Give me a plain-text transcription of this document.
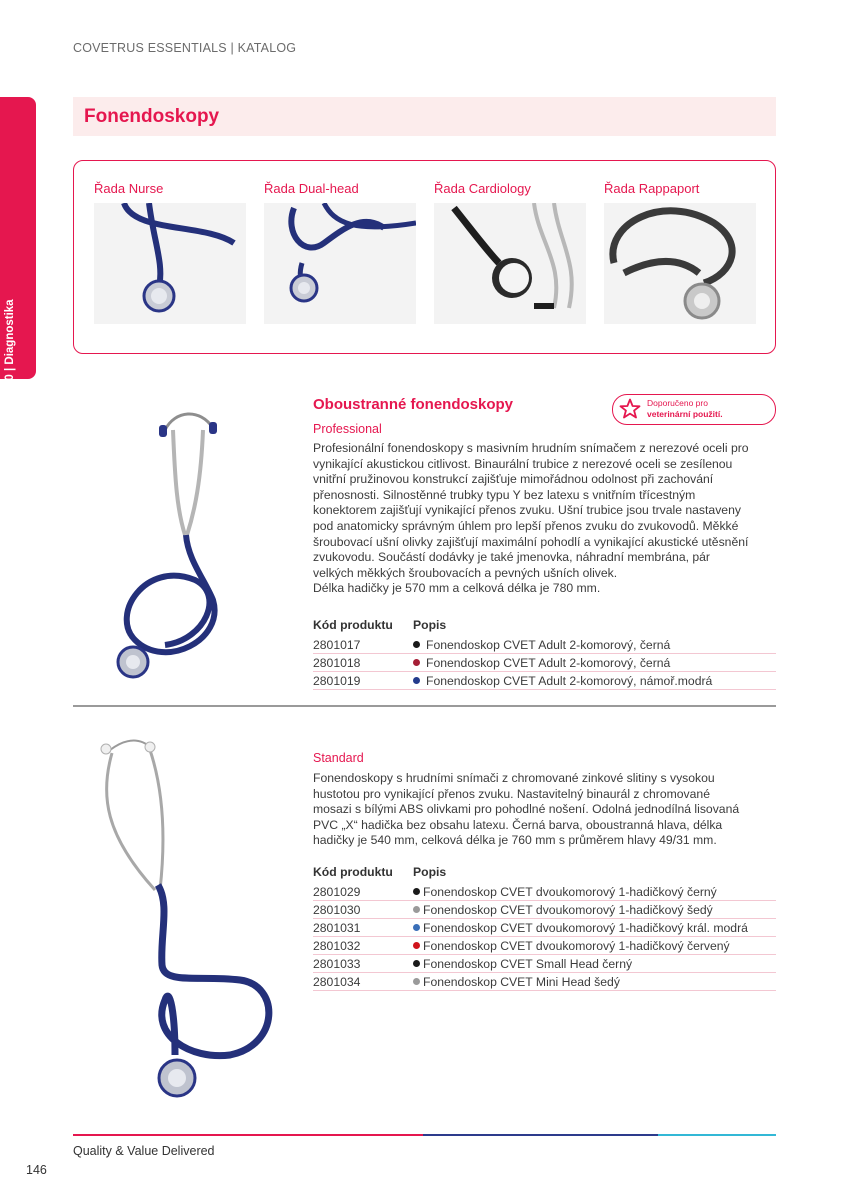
COVETRUS ESSENTIALS | KATALOG
10 | Diagnostika
Fonendoskopy
Řada Nurse	Řada Dual-head	Řada Cardiology	Řada Rappaport
Oboustranné fonendoskopy	Doporučeno pro
veterinární použití.
Professional
Profesionální fonendoskopy s masivním hrudním snímačem z nerezové oceli pro
vynikající akustickou citlivost. Binaurální trubice z nerezové oceli se zesílenou
vnitřní pružinovou konstrukcí zajišťuje mimořádnou odolnost při zachování
přenosnosti. Silnostěnné trubky typu Y bez latexu s vnitřním třícestným
konektorem zajišťují vynikající přenos zvuku. Ušní trubice jsou trvale nastaveny
pod anatomicky správným úhlem pro lepší přenos zvuku do zvukovodů. Měkké
šroubovací ušní olivky zajišťují maximální pohodlí a vynikající akustické utěsnění
zvukovodu. Součástí dodávky je také jmenovka, náhradní membrána, pár
velkých měkkých šroubovacích a pevných ušních olivek.
Délka hadičky je 570 mm a celková délka je 780 mm.
Kód produktu Popis
2801017	Fonendoskop CVET Adult 2-komorový, černá
2801018	Fonendoskop CVET Adult 2-komorový, černá
2801019	Fonendoskop CVET Adult 2-komorový, námoř.modrá
Standard
Fonendoskopy s hrudními snímači z chromované zinkové slitiny s vysokou
hustotou pro vynikající přenos zvuku. Nastavitelný binaurál z chromované
mosazi s bílými ABS olivkami pro pohodlné nošení. Odolná jednodílná lisovaná
PVC „X“ hadička bez obsahu latexu. Černá barva, oboustranná hlava, délka
hadičky je 540 mm, celková délka je 760 mm s průměrem hlavy 49/31 mm.
Kód produktu Popis
2801029	Fonendoskop CVET dvoukomorový 1-hadičkový černý
2801030	Fonendoskop CVET dvoukomorový 1-hadičkový šedý
2801031	Fonendoskop CVET dvoukomorový 1-hadičkový král. modrá
2801032	Fonendoskop CVET dvoukomorový 1-hadičkový červený
2801033	Fonendoskop CVET Small Head černý
2801034	Fonendoskop CVET Mini Head šedý
Quality & Value Delivered
146
